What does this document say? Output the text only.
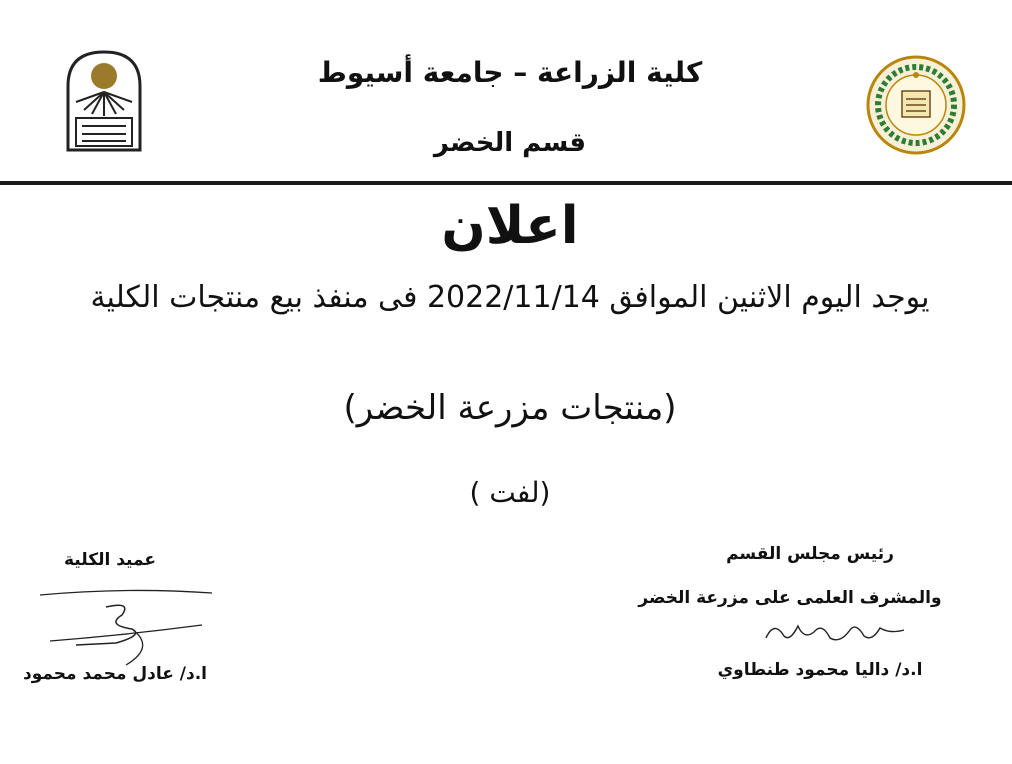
كلية الزراعة – جامعة أسيوط
قسم الخضر
اعلان
يوجد اليوم الاثنين الموافق 2022/11/14 فى منفذ بيع منتجات الكلية
(منتجات مزرعة الخضر)
(لفت )
عميد الكلية
ا.د/ عادل محمد محمود
رئيس مجلس القسم
والمشرف العلمى على مزرعة الخضر
ا.د/ داليا محمود طنطاوي
